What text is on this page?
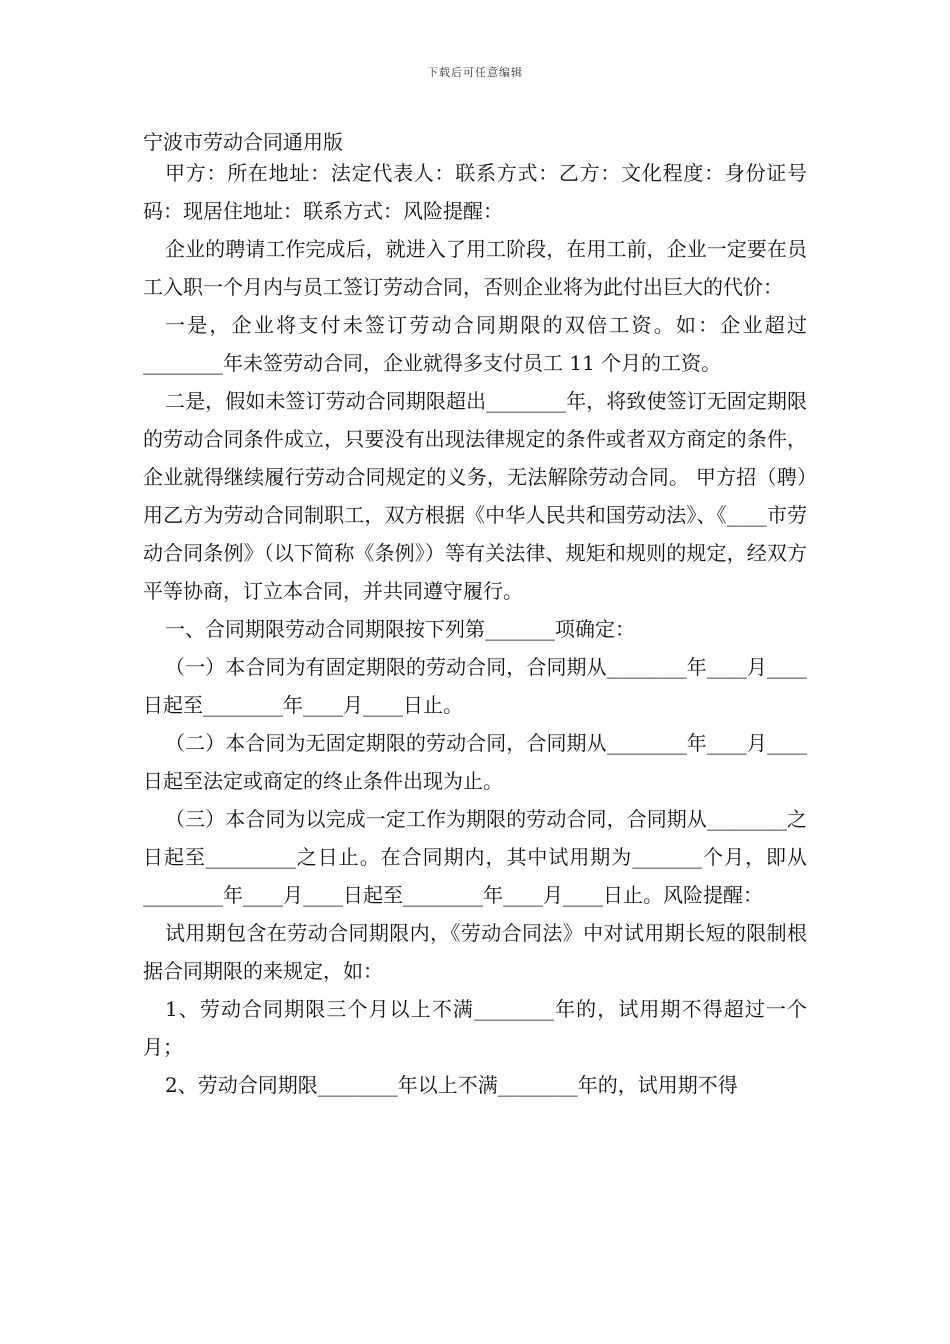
下载后可任意编辑
宁波市劳动合同通用版

甲方：所在地址：法定代表人：联系方式：乙方：文化程度：身份证号码：现居住地址：联系方式：风险提醒：

企业的聘请工作完成后，就进入了用工阶段，在用工前，企业一定要在员工入职一个月内与员工签订劳动合同，否则企业将为此付出巨大的代价：

一是，企业将支付未签订劳动合同期限的双倍工资。如：企业超过________年未签劳动合同，企业就得多支付员工 11 个月的工资。

二是，假如未签订劳动合同期限超出________年，将致使签订无固定期限的劳动合同条件成立，只要没有出现法律规定的条件或者双方商定的条件，企业就得继续履行劳动合同规定的义务，无法解除劳动合同。 甲方招（聘）用乙方为劳动合同制职工，双方根据《中华人民共和国劳动法》、《____市劳动合同条例》（以下简称《条例》）等有关法律、规矩和规则的规定，经双方平等协商，订立本合同，并共同遵守履行。

一、合同期限劳动合同期限按下列第_______项确定：

（一）本合同为有固定期限的劳动合同，合同期从________年____月____日起至________年____月____日止。

（二）本合同为无固定期限的劳动合同，合同期从________年____月____日起至法定或商定的终止条件出现为止。

（三）本合同为以完成一定工作为期限的劳动合同，合同期从________之日起至_________之日止。在合同期内，其中试用期为_______个月，即从________年____月____日起至________年____月____日止。风险提醒：

试用期包含在劳动合同期限内，《劳动合同法》中对试用期长短的限制根据合同期限的来规定，如：

1、劳动合同期限三个月以上不满________年的，试用期不得超过一个月；

2、劳动合同期限________年以上不满________年的，试用期不得
